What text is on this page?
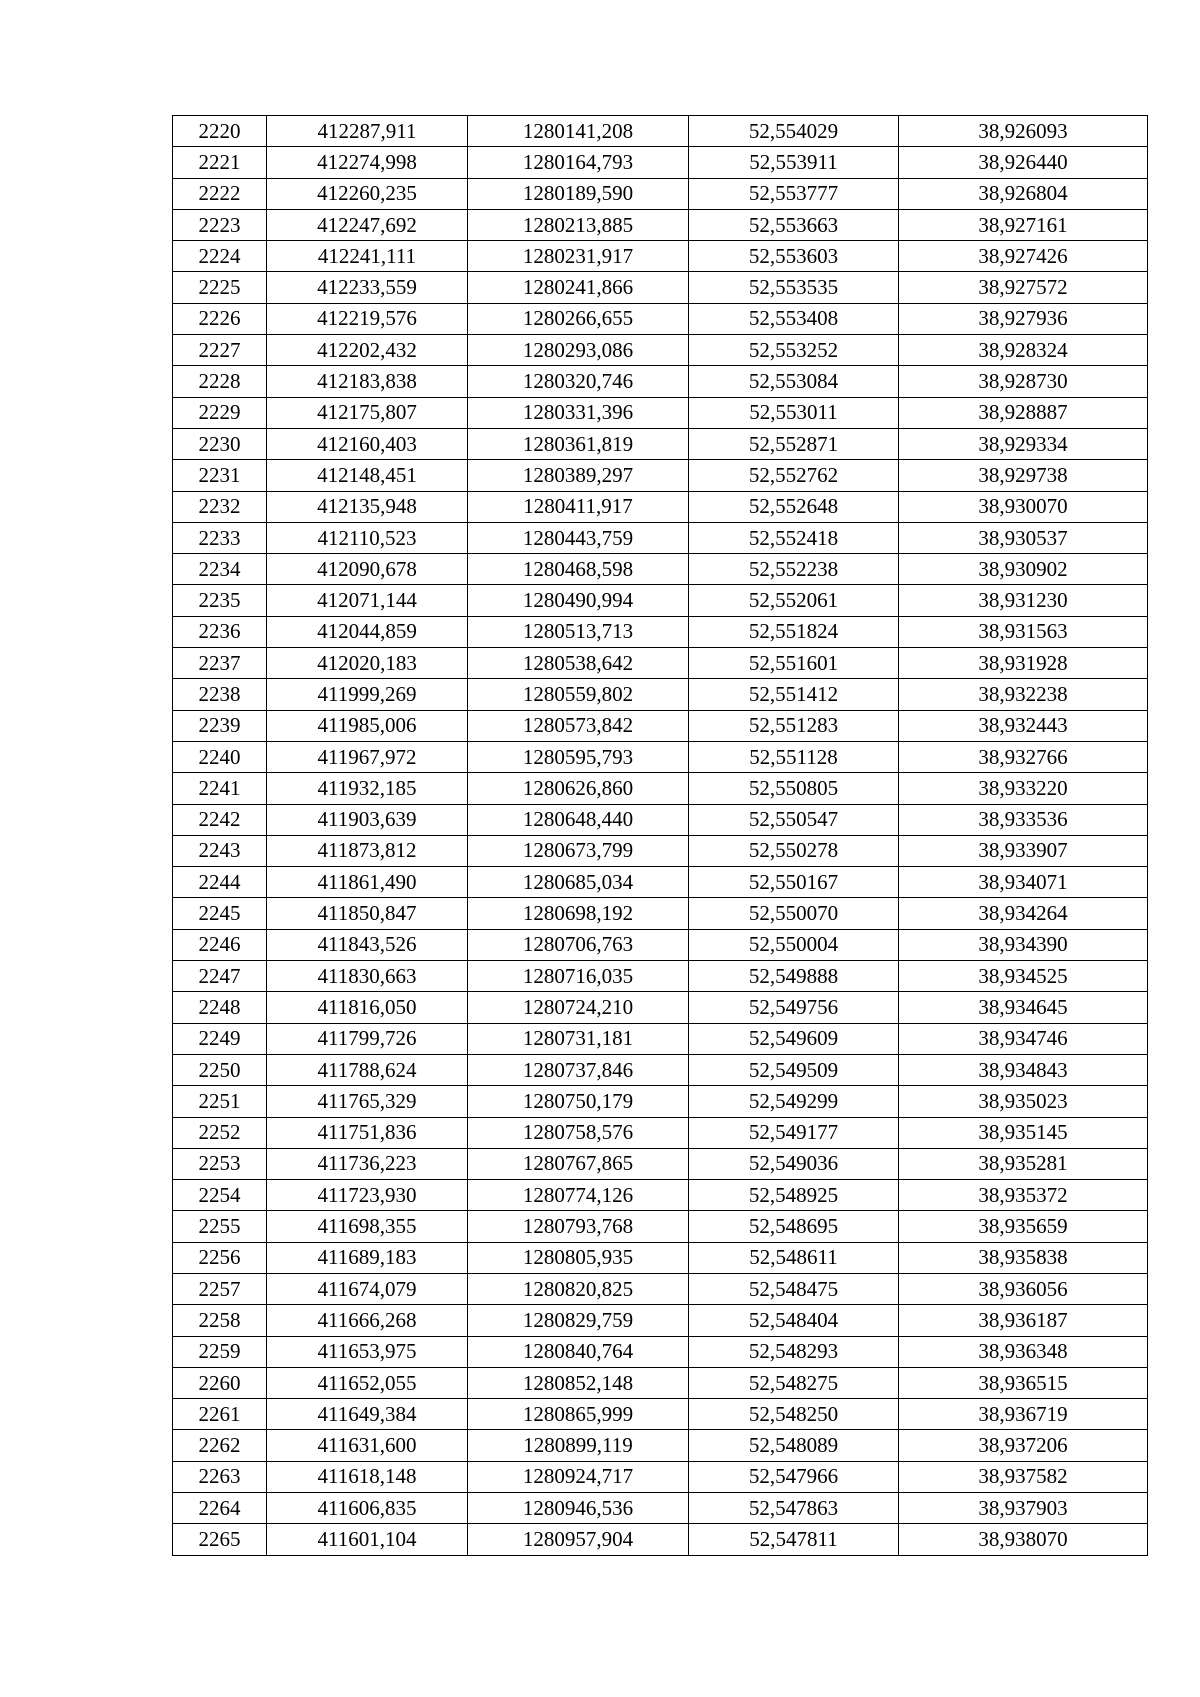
2220	412287,911	1280141,208	52,554029	38,926093
2221	412274,998	1280164,793	52,553911	38,926440
2222	412260,235	1280189,590	52,553777	38,926804
2223	412247,692	1280213,885	52,553663	38,927161
2224	412241,111	1280231,917	52,553603	38,927426
2225	412233,559	1280241,866	52,553535	38,927572
2226	412219,576	1280266,655	52,553408	38,927936
2227	412202,432	1280293,086	52,553252	38,928324
2228	412183,838	1280320,746	52,553084	38,928730
2229	412175,807	1280331,396	52,553011	38,928887
2230	412160,403	1280361,819	52,552871	38,929334
2231	412148,451	1280389,297	52,552762	38,929738
2232	412135,948	1280411,917	52,552648	38,930070
2233	412110,523	1280443,759	52,552418	38,930537
2234	412090,678	1280468,598	52,552238	38,930902
2235	412071,144	1280490,994	52,552061	38,931230
2236	412044,859	1280513,713	52,551824	38,931563
2237	412020,183	1280538,642	52,551601	38,931928
2238	411999,269	1280559,802	52,551412	38,932238
2239	411985,006	1280573,842	52,551283	38,932443
2240	411967,972	1280595,793	52,551128	38,932766
2241	411932,185	1280626,860	52,550805	38,933220
2242	411903,639	1280648,440	52,550547	38,933536
2243	411873,812	1280673,799	52,550278	38,933907
2244	411861,490	1280685,034	52,550167	38,934071
2245	411850,847	1280698,192	52,550070	38,934264
2246	411843,526	1280706,763	52,550004	38,934390
2247	411830,663	1280716,035	52,549888	38,934525
2248	411816,050	1280724,210	52,549756	38,934645
2249	411799,726	1280731,181	52,549609	38,934746
2250	411788,624	1280737,846	52,549509	38,934843
2251	411765,329	1280750,179	52,549299	38,935023
2252	411751,836	1280758,576	52,549177	38,935145
2253	411736,223	1280767,865	52,549036	38,935281
2254	411723,930	1280774,126	52,548925	38,935372
2255	411698,355	1280793,768	52,548695	38,935659
2256	411689,183	1280805,935	52,548611	38,935838
2257	411674,079	1280820,825	52,548475	38,936056
2258	411666,268	1280829,759	52,548404	38,936187
2259	411653,975	1280840,764	52,548293	38,936348
2260	411652,055	1280852,148	52,548275	38,936515
2261	411649,384	1280865,999	52,548250	38,936719
2262	411631,600	1280899,119	52,548089	38,937206
2263	411618,148	1280924,717	52,547966	38,937582
2264	411606,835	1280946,536	52,547863	38,937903
2265	411601,104	1280957,904	52,547811	38,938070
